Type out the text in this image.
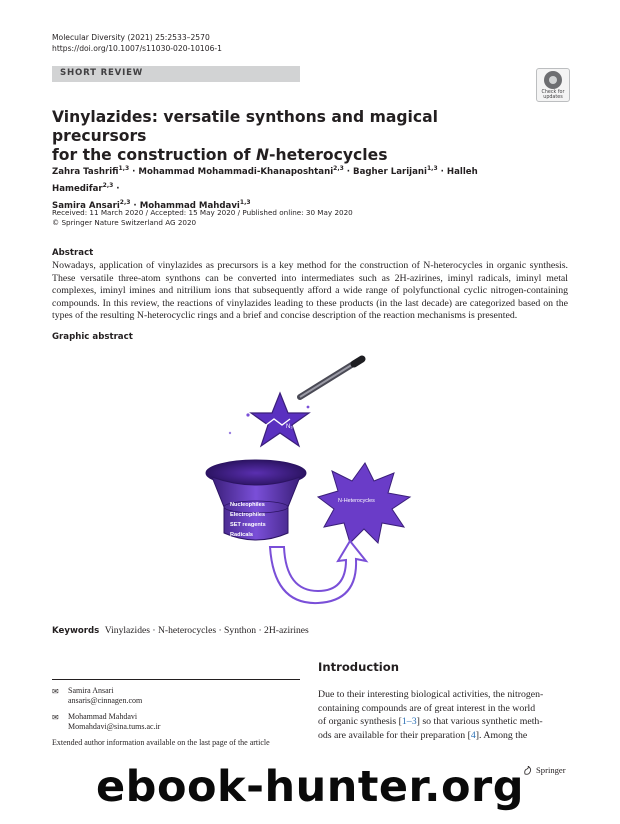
Molecular Diversity (2021) 25:2533–2570
https://doi.org/10.1007/s11030-020-10106-1
SHORT REVIEW
Check for
updates
Vinylazides: versatile synthons and magical precursors
for the construction of N-heterocycles
Zahra Tashrifi$^{1,3}$ · Mohammad Mohammadi‑Khanaposhtani$^{2,3}$ · Bagher Larijani$^{1,3}$ · Halleh Hamedifar$^{2,3}$ ·
Samira Ansari$^{2,3}$ · Mohammad Mahdavi$^{1,3}$
Received: 11 March 2020 / Accepted: 15 May 2020 / Published online: 30 May 2020
© Springer Nature Switzerland AG 2020
Abstract
Nowadays, application of vinylazides as precursors is a key method for the construction of N-heterocycles in organic synthesis. These versatile three-atom synthons can be converted into intermediates such as 2H-azirines, iminyl radicals, iminyl metal complexes, iminyl imines and nitrilium ions that subsequently afford a wide range of polyfunctional cyclic nitrogen-containing compounds. In this review, the reactions of vinylazides leading to these products (in the last decade) are categorized based on the types of the resulting N-heterocyclic rings and a brief and concise description of the reaction mechanisms is presented.
Graphic abstract
N₃
Nucleophiles
Electrophiles
SET reagents
Radicals
N-Heterocycles
Keywords Vinylazides · N-heterocycles · Synthon · 2H-azirines
Introduction
✉ Samira Ansari
ansaris@cinnagen.com
✉ Mohammad Mahdavi
Momahdavi@sina.tums.ac.ir
Extended author information available on the last page of the article
Due to their interesting biological activities, the nitrogen-
containing compounds are of great interest in the world
of organic synthesis [1–3] so that various synthetic meth-
ods are available for their preparation [4]. Among the
Springer
ebook-hunter.org
